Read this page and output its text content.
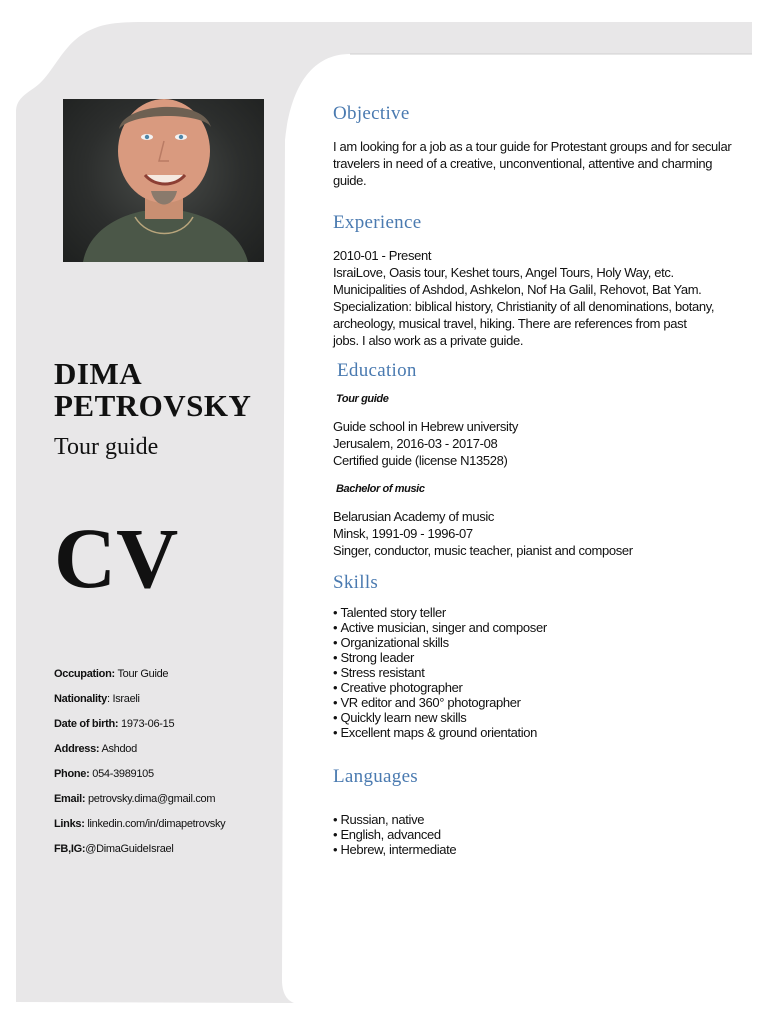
DIMA
PETROVSKY
Tour guide
CV
Occupation: Tour Guide
Nationality: Israeli
Date of birth: 1973-06-15
Address: Ashdod
Phone: 054-3989105
Email: petrovsky.dima@gmail.com
Links: linkedin.com/in/dimapetrovsky
FB,IG:@DimaGuideIsrael
Objective
I am looking for a job as a tour guide for Protestant groups and for secular travelers in need of a creative, unconventional, attentive and charming guide.
Experience
2010-01 - Present
IsraiLove, Oasis tour, Keshet tours, Angel Tours, Holy Way, etc.
Municipalities of Ashdod, Ashkelon, Nof Ha Galil, Rehovot, Bat Yam.
Specialization: biblical history, Christianity of all denominations, botany,
archeology, musical travel, hiking. There are references from past
jobs. I also work as a private guide.
Education
Tour guide
Guide school in Hebrew university
Jerusalem, 2016-03 - 2017-08
Certified guide (license N13528)
Bachelor of music
Belarusian Academy of music
Minsk, 1991-09 - 1996-07
Singer, conductor, music teacher, pianist and composer
Skills
• Talented story teller
• Active musician, singer and composer
• Organizational skills
• Strong leader
• Stress resistant
• Creative photographer
• VR editor and 360° photographer
• Quickly learn new skills
• Excellent maps & ground orientation
Languages
• Russian, native
• English, advanced
• Hebrew, intermediate
